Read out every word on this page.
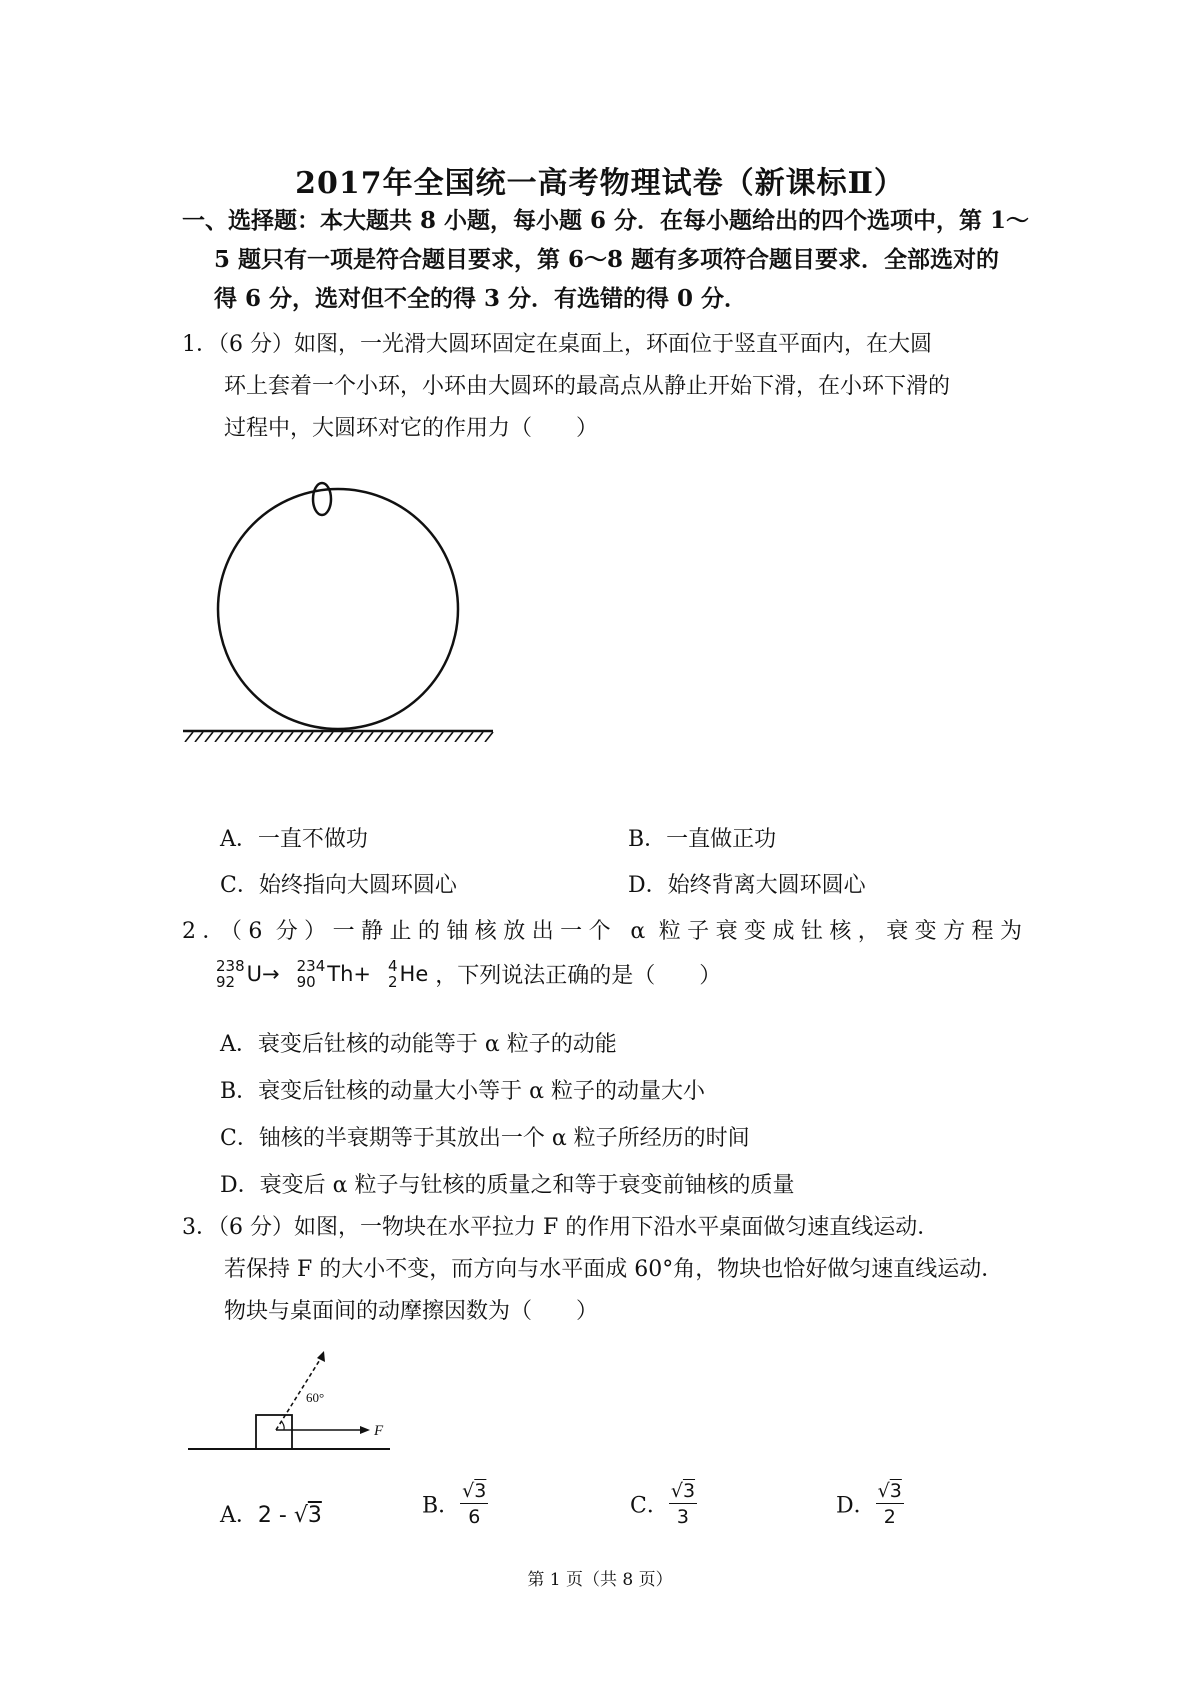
2017年全国统一高考物理试卷（新课标Ⅱ）
一、选择题：本大题共 8 小题，每小题 6 分．在每小题给出的四个选项中，第 1～
5 题只有一项是符合题目要求，第 6～8 题有多项符合题目要求．全部选对的
得 6 分，选对但不全的得 3 分．有选错的得 0 分．
1．（6 分）如图，一光滑大圆环固定在桌面上，环面位于竖直平面内，在大圆
环上套着一个小环，小环由大圆环的最高点从静止开始下滑，在小环下滑的
过程中，大圆环对它的作用力（　　）
A．一直不做功	B．一直做正功
C．始终指向大圆环圆心	D．始终背离大圆环圆心
2．（6 分）一静止的铀核放出一个 α 粒子衰变成钍核，衰变方程为
238
92 U→ 234
90 Th+ 4
2 He ，下列说法正确的是（　　）
A．衰变后钍核的动能等于 α 粒子的动能
B．衰变后钍核的动量大小等于 α 粒子的动量大小
C．铀核的半衰期等于其放出一个 α 粒子所经历的时间
D．衰变后 α 粒子与钍核的质量之和等于衰变前铀核的质量
3．（6 分）如图，一物块在水平拉力 F 的作用下沿水平桌面做匀速直线运动．
若保持 F 的大小不变，而方向与水平面成 60°角，物块也恰好做匀速直线运动．
物块与桌面间的动摩擦因数为（　　）
60°
F
A．2 - √3	B． $\frac{√3}{6}$	C． $\frac{√3}{3}$	D． $\frac{√3}{2}$
第 1 页（共 8 页）
